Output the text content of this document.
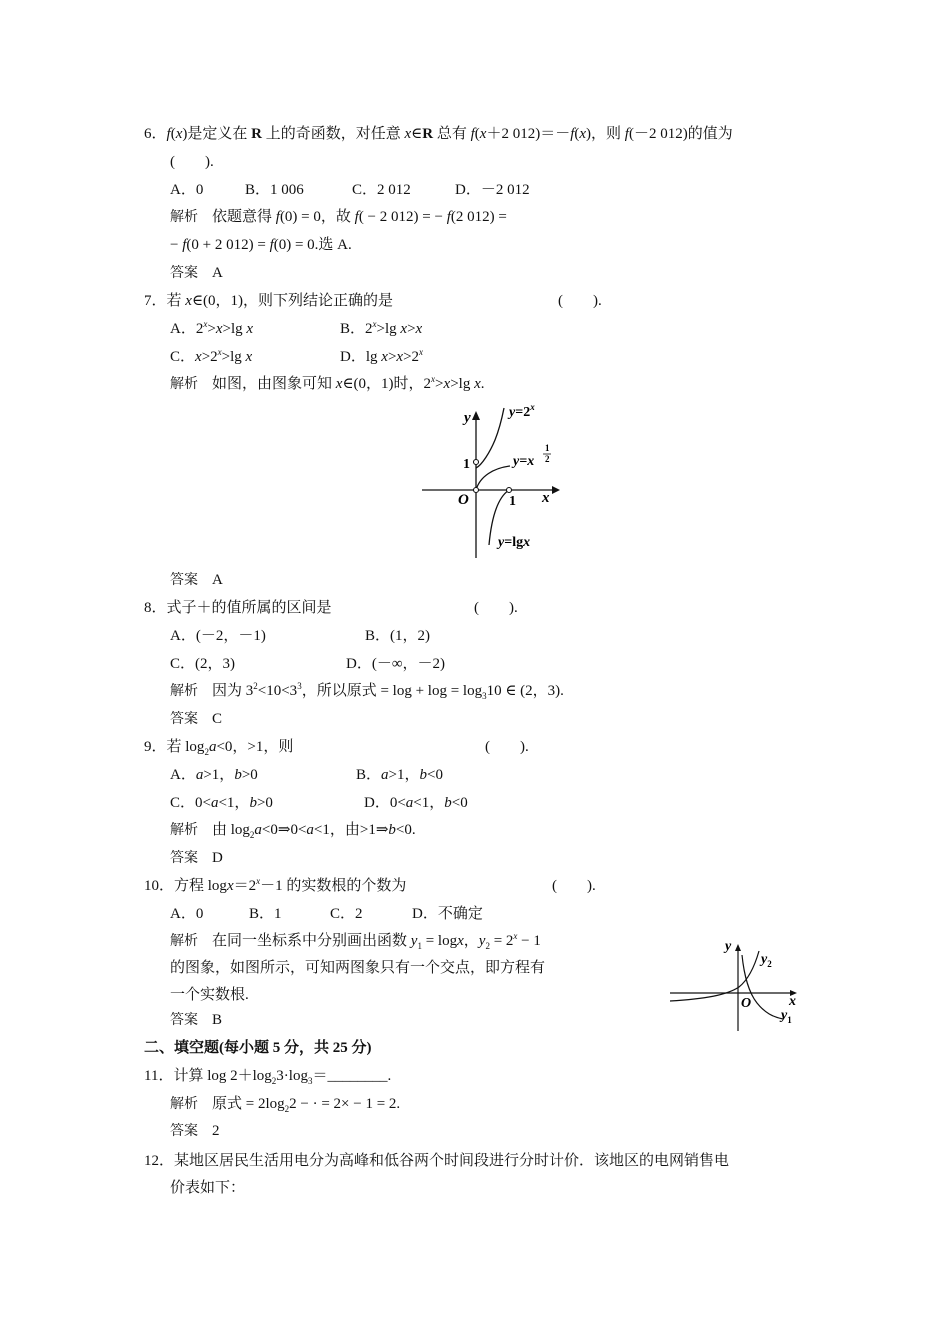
6．f(x)是定义在 R 上的奇函数，对任意 x∈R 总有 f(x＋2 012)＝－f(x)，则 f(－2 012)的值为
(　　).
A．0	B．1 006	C．2 012	D．－2 012
解析 依题意得 f(0) = 0，故 f( − 2 012) = − f(2 012) =
− f(0 + 2 012) = f(0) = 0.选 A.
答案 A
7．若 x∈(0，1)，则下列结论正确的是	(　　).
A．$2^x>x>\lg$ x	B．$2^x>\lg$ x>x
C．$x>2^x>\lg$ x	D．$\lg x>x>2^x$
解析 如图，由图象可知 x∈(0，1)时，$2^x>x>\lg$ x.
y
x
O
1
1
$y=2^x$
y=x
1
2
y=lgx
答案 A
8．式子＋的值所属的区间是	(　　).
A．(－2，－1)	B．(1，2)
C．(2，3)	D．(－∞，－2)
解析 因为 $3^2<10<3^3$，所以原式 = $\log + \log = \log_310$ ∈ (2，3).
答案 C
9．若 $\log_2a<0$，>1，则	(　　).
A．a>1，b>0	B．a>1，b<0
C．0<a<1，b>0	D．0<a<1，b<0
解析 由 $\log_2a<0\Rightarrow 0<a<1$，由>1⇒b<0.
答案 D
10．方程 $\log x=2^x-1$ 的实数根的个数为	(　　).
A．0	B．1	C．2	D．不确定
解析 在同一坐标系中分别画出函数 $y_1 = \log x$，$y_2 = 2^x - 1$
的图象，如图所示，可知两图象只有一个交点，即方程有
一个实数根.
答案 B
y
x
O
$y_2$
$y_1$
二、填空题(每小题 5 分，共 25 分)
11．计算 $\log 2+\log_23\cdot\log_3=\_\_\_\_\_\_\_\_$.
解析 原式 = $2\log_22$ − · = 2× − 1 = 2.
答案 2
12．某地区居民生活用电分为高峰和低谷两个时间段进行分时计价．该地区的电网销售电
价表如下：
